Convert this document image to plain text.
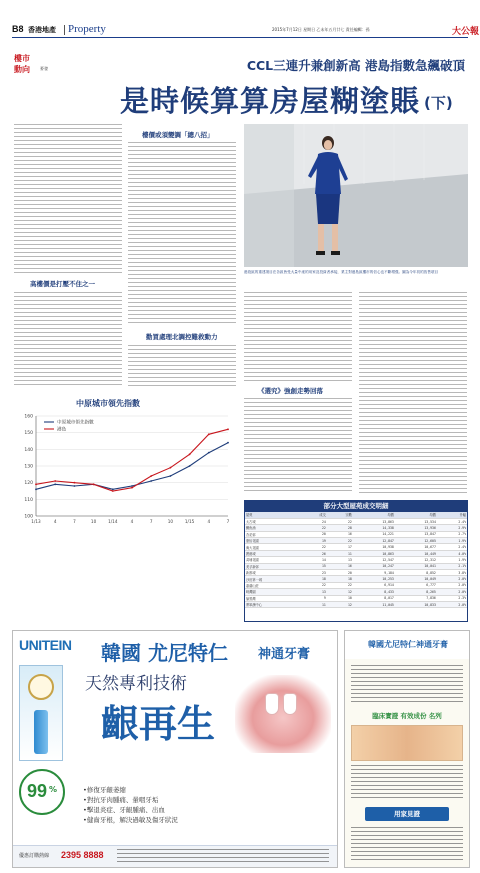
B8 香港地產 Property	2015年7月12日 星期日 乙未年五月廿七 責任編輯：孫	大公報
樓市
動向	麥發	CCL三連升兼創新高 港島指數急飆破頂
是時候算算房屋糊塗賬 (下)
高樓價是打壓不住之一
樓價或須變調「總八招」
勤買處理北調控難救動力
港島區的重建項目在各區皆受大量中產的用家及投資者承接，業主對港島區樓市的信心也不斷增強。圖為今年初的放售項目
《選究》強創走勢回落
中原城市領先指數
160
150
140
130
120
110
100
1/13	4	7	10	1/14	4	7	10	1/15	4	7
中原城市領先指數
港島
部分大型屋苑成交明細
屋苑	成交	宗數	均價	均價	升幅
太古城	24	22	13,863	13,534	2.4%
鰂魚涌	22	28	14,338	13,936	2.9%
杏花邨	20	16	14,221	13,847	2.7%
康怡花園	19	22	12,847	12,605	1.9%
淘大花園	22	17	10,938	10,677	2.4%
麗港城	26	11	10,863	10,449	4.0%
黃埔花園	14	13	12,547	12,312	1.9%
美孚新邨	15	16	10,247	10,041	2.1%
新都城	23	20	9,184	8,852	3.8%
沙田第一城	18	18	10,253	10,049	2.0%
嘉湖山莊	22	22	6,914	6,777	2.0%
映灣園	13	12	8,433	8,265	2.0%
愉景灣	9	10	8,017	7,836	2.3%
將軍澳中心	11	12	11,045	10,833	2.0%
UNITEIN 韓國 尤尼特仁 神通牙膏
天然專利技術
齦再生
99 %	•修復牙齦萎縮
•對抗牙肉腫痛、暈咽牙垢
•擊退炎症、牙齦腫痛、出血
•健齒牙根，解決過敏及傷牙狀況
優惠訂購熱線 2395 8888
韓國尤尼特仁神通牙膏
臨床實證 有效成份 名列
用家見證
